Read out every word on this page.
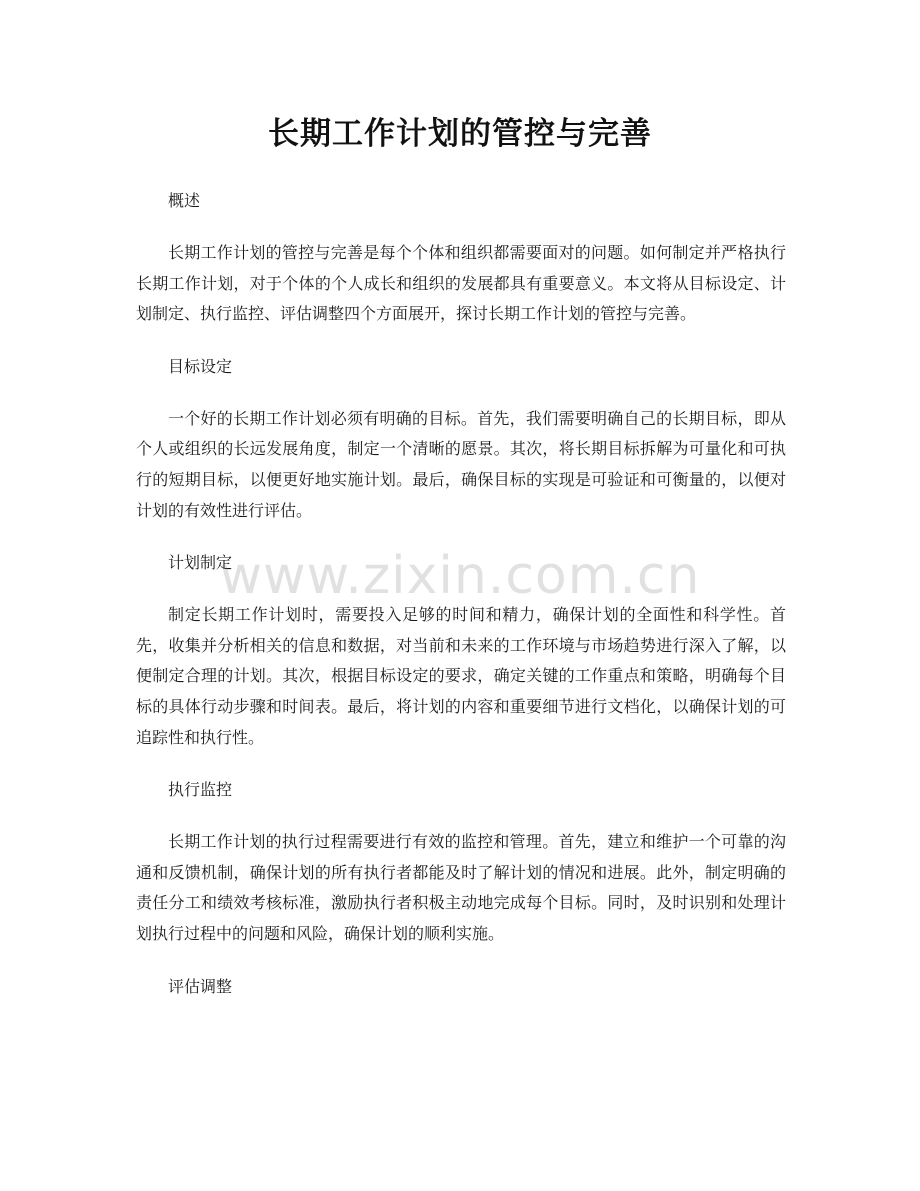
长期工作计划的管控与完善

概述

长期工作计划的管控与完善是每个个体和组织都需要面对的问题。如何制定并严格执行长期工作计划，对于个体的个人成长和组织的发展都具有重要意义。本文将从目标设定、计划制定、执行监控、评估调整四个方面展开，探讨长期工作计划的管控与完善。

目标设定

一个好的长期工作计划必须有明确的目标。首先，我们需要明确自己的长期目标，即从个人或组织的长远发展角度，制定一个清晰的愿景。其次，将长期目标拆解为可量化和可执行的短期目标，以便更好地实施计划。最后，确保目标的实现是可验证和可衡量的，以便对计划的有效性进行评估。

计划制定

制定长期工作计划时，需要投入足够的时间和精力，确保计划的全面性和科学性。首先，收集并分析相关的信息和数据，对当前和未来的工作环境与市场趋势进行深入了解，以便制定合理的计划。其次，根据目标设定的要求，确定关键的工作重点和策略，明确每个目标的具体行动步骤和时间表。最后，将计划的内容和重要细节进行文档化，以确保计划的可追踪性和执行性。

执行监控

长期工作计划的执行过程需要进行有效的监控和管理。首先，建立和维护一个可靠的沟通和反馈机制，确保计划的所有执行者都能及时了解计划的情况和进展。此外，制定明确的责任分工和绩效考核标准，激励执行者积极主动地完成每个目标。同时，及时识别和处理计划执行过程中的问题和风险，确保计划的顺利实施。

评估调整

www.zixin.com.cn
